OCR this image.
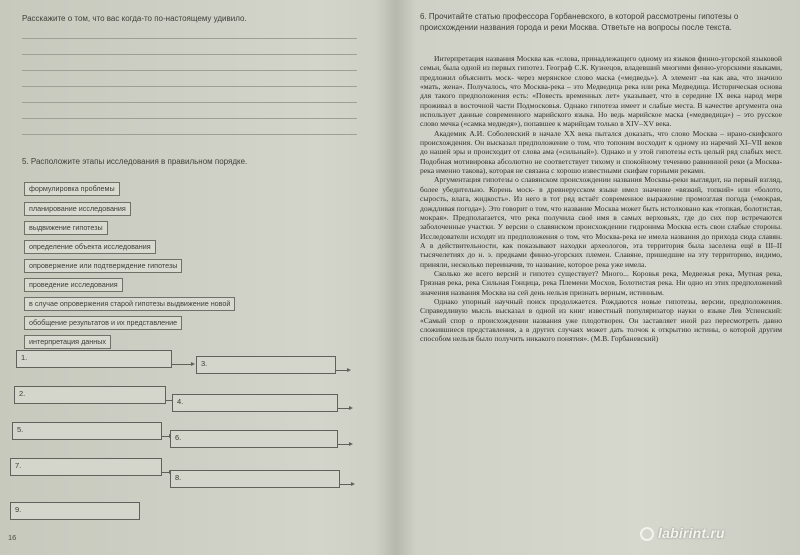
Расскажите о том, что вас когда-то по-настоящему удивило.
5. Расположите этапы исследования в правильном порядке.
формулировка проблемы
планирование исследования
выдвижение гипотезы
определение объекта исследования
опровержение или подтверждение гипотезы
проведение исследования
в случае опровержения старой гипотезы выдвижение новой
обобщение результатов и их представление
интерпретация данных
1.
3.
2.
4.
5.
6.
7.
8.
9.
16
6. Прочитайте статью профессора Горбаневского, в которой рассмотрены гипотезы о происхождении названия города и реки Москва. Ответьте на вопросы после текста.

Интерпретация названия Москва как «слова, принадлежащего одному из языков финно-угорской языковой семьи, была одной из первых гипотез. Географ С.К. Кузнецов, владевший многими финно-угорскими языками, предложил объяснить моск- через мерянское слово маска («медведь»). А элемент -ва как ава, что значило «мать, жена». Получалось, что Москва-река – это Медведица река или река Медведица. Историческая основа для такого предположения есть: «Повесть временных лет» указывает, что в середине IX века народ меря проживал в восточной части Подмосковья. Однако гипотеза имеет и слабые места. В качестве аргумента она использует данные современного марийского языка. Но ведь марийское маска («медведица») – это русское слово мечка («самка медведя»), попавшее к марийцам только в XIV–XV века.

Академик А.И. Соболевский в начале XX века пытался доказать, что слово Москва – ирано-скифского происхождения. Он высказал предположение о том, что топоним восходит к одному из наречий XI–VII веков до нашей эры и происходит от слова ама («сильный»). Однако и у этой гипотезы есть целый ряд слабых мест. Подобная мотивировка абсолютно не соответствует тихому и спокойному течению равнинной реки (а Москва-река именно такова), которая не связана с хорошо известными скифам горными реками.

Аргументация гипотезы о славянском происхождении названия Москвы-реки выглядит, на первый взгляд, более убедительно. Корень моск- в древнерусском языке имел значение «вязкий, топкий» или «болото, сырость, влага, жидкость». Из него в тот ряд встаёт современное выражение промозглая погода («мокрая, дождливая погода»). Это говорит о том, что название Москва может быть истолковано как «топкая, болотистая, мокрая». Предполагается, что река получила своё имя в самых верховьях, где до сих пор встречаются заболоченные участки. У версии о славянском происхождении гидронима Москва есть свои слабые стороны. Исследователи исходят из предположения о том, что Москва-река не имела названия до прихода сюда славян. А в действительности, как показывают находки археологов, эта территория была заселена ещё в III–II тысячелетиях до н. э. предками финно-угорских племен. Славяне, пришедшие на эту территорию, видимо, приняли, несколько переиначив, то название, которое река уже имела.

Сколько же всего версий и гипотез существует? Много... Коровья река, Медвежья река, Мутная река, Грязная река, река Сильная Гонцица, река Племени Мосхов, Болотистая река. Ни одно из этих предположений значения названия Москва на сей день нельзя признать верным, истинным.

Однако упорный научный поиск продолжается. Рождаются новые гипотезы, версии, предположения. Справедливую мысль высказал в одной из книг известный популяризатор науки о языке Лев Успенский: «Самый спор о происхождении названия уже плодотворен. Он заставляет иной раз пересмотреть давно сложившиеся представления, а в других случаях может дать толчок к открытию истины, о которой другим способом нельзя было получить никакого понятия». (М.В. Горбаневский)

labirint.ru
